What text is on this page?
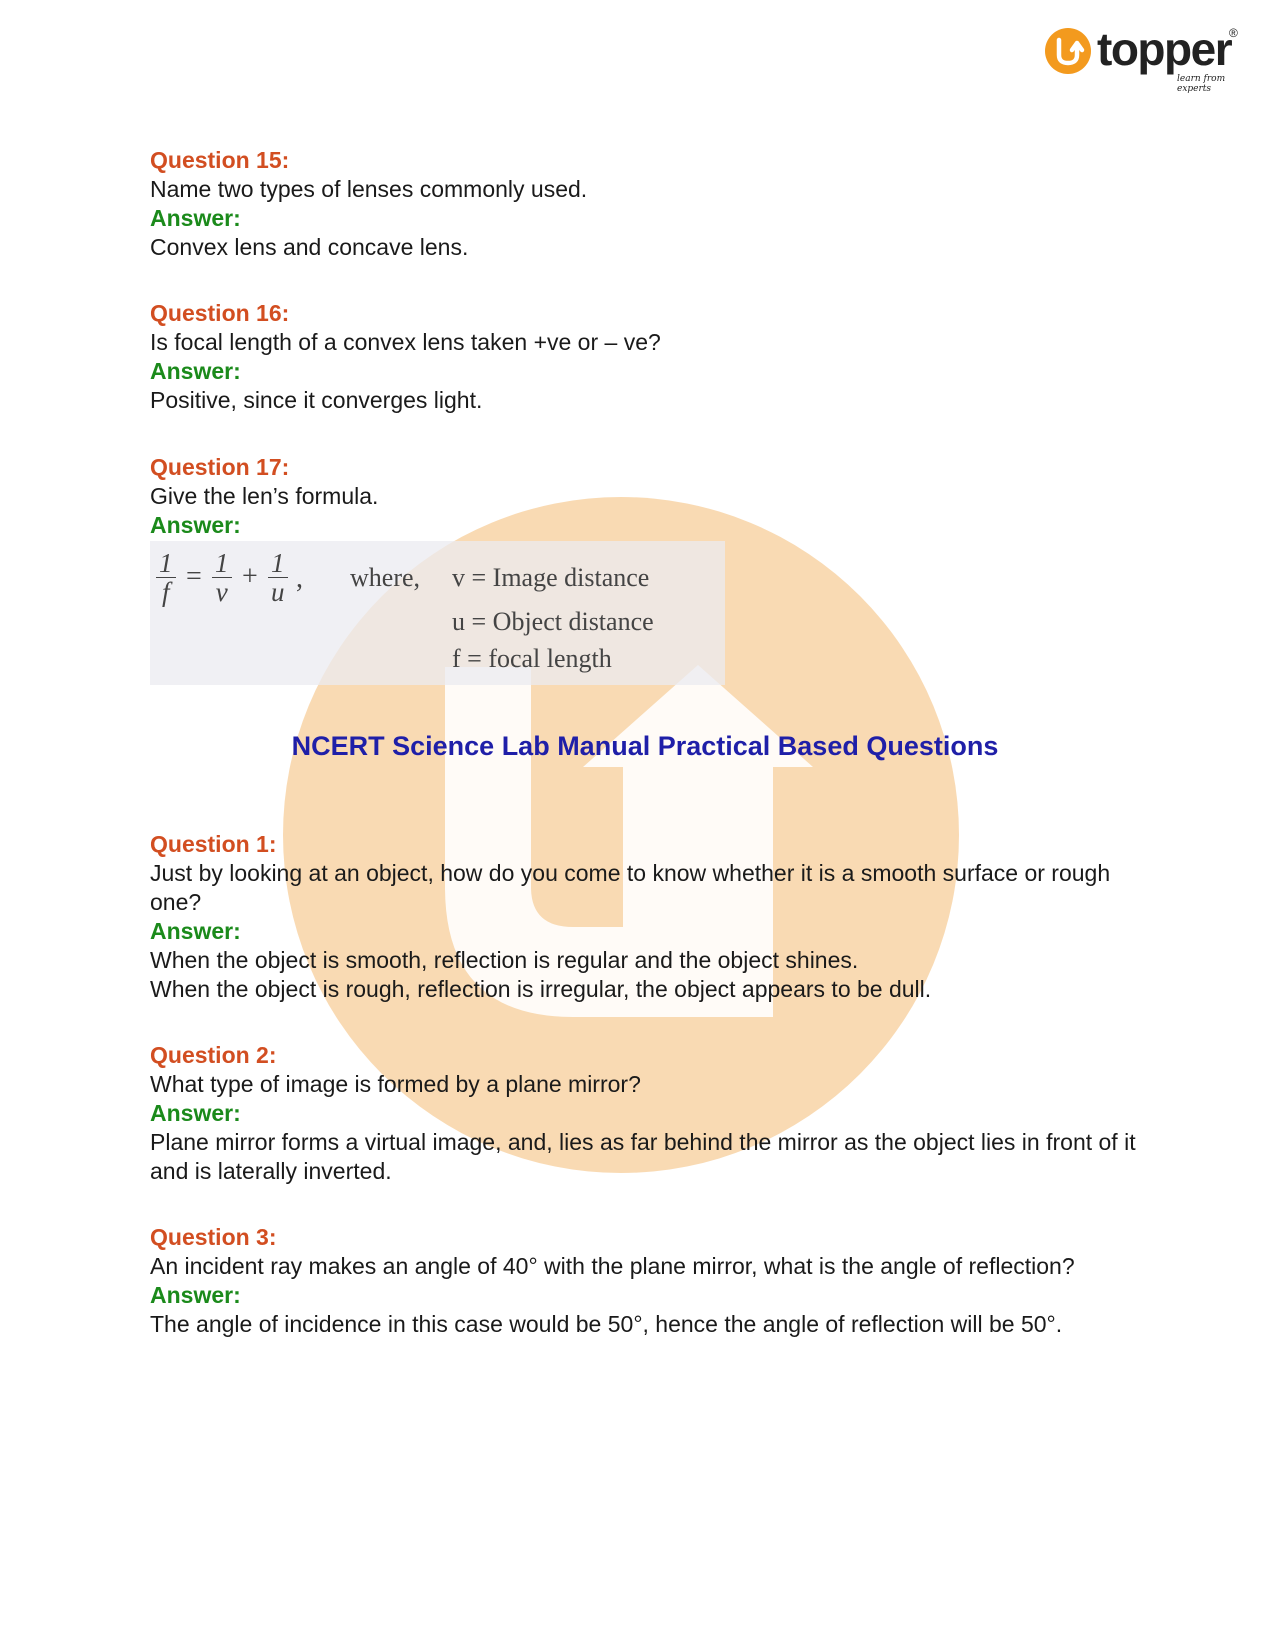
topper
®
learn from experts
Question 15:
Name two types of lenses commonly used.
Answer:
Convex lens and concave lens.
Question 16:
Is focal length of a convex lens taken +ve or – ve?
Answer:
Positive, since it converges light.
Question 17:
Give the len’s formula.
Answer:
$\frac{1}{f} = \frac{1}{v} + \frac{1}{u}$ , where, v = Image distance
u = Object distance
f = focal length
NCERT Science Lab Manual Practical Based Questions
Question 1:
Just by looking at an object, how do you come to know whether it is a smooth surface or rough one?
Answer:
When the object is smooth, reflection is regular and the object shines.
When the object is rough, reflection is irregular, the object appears to be dull.
Question 2:
What type of image is formed by a plane mirror?
Answer:
Plane mirror forms a virtual image, and, lies as far behind the mirror as the object lies in front of it and is laterally inverted.
Question 3:
An incident ray makes an angle of 40° with the plane mirror, what is the angle of reflection?
Answer:
The angle of incidence in this case would be 50°, hence the angle of reflection will be 50°.
